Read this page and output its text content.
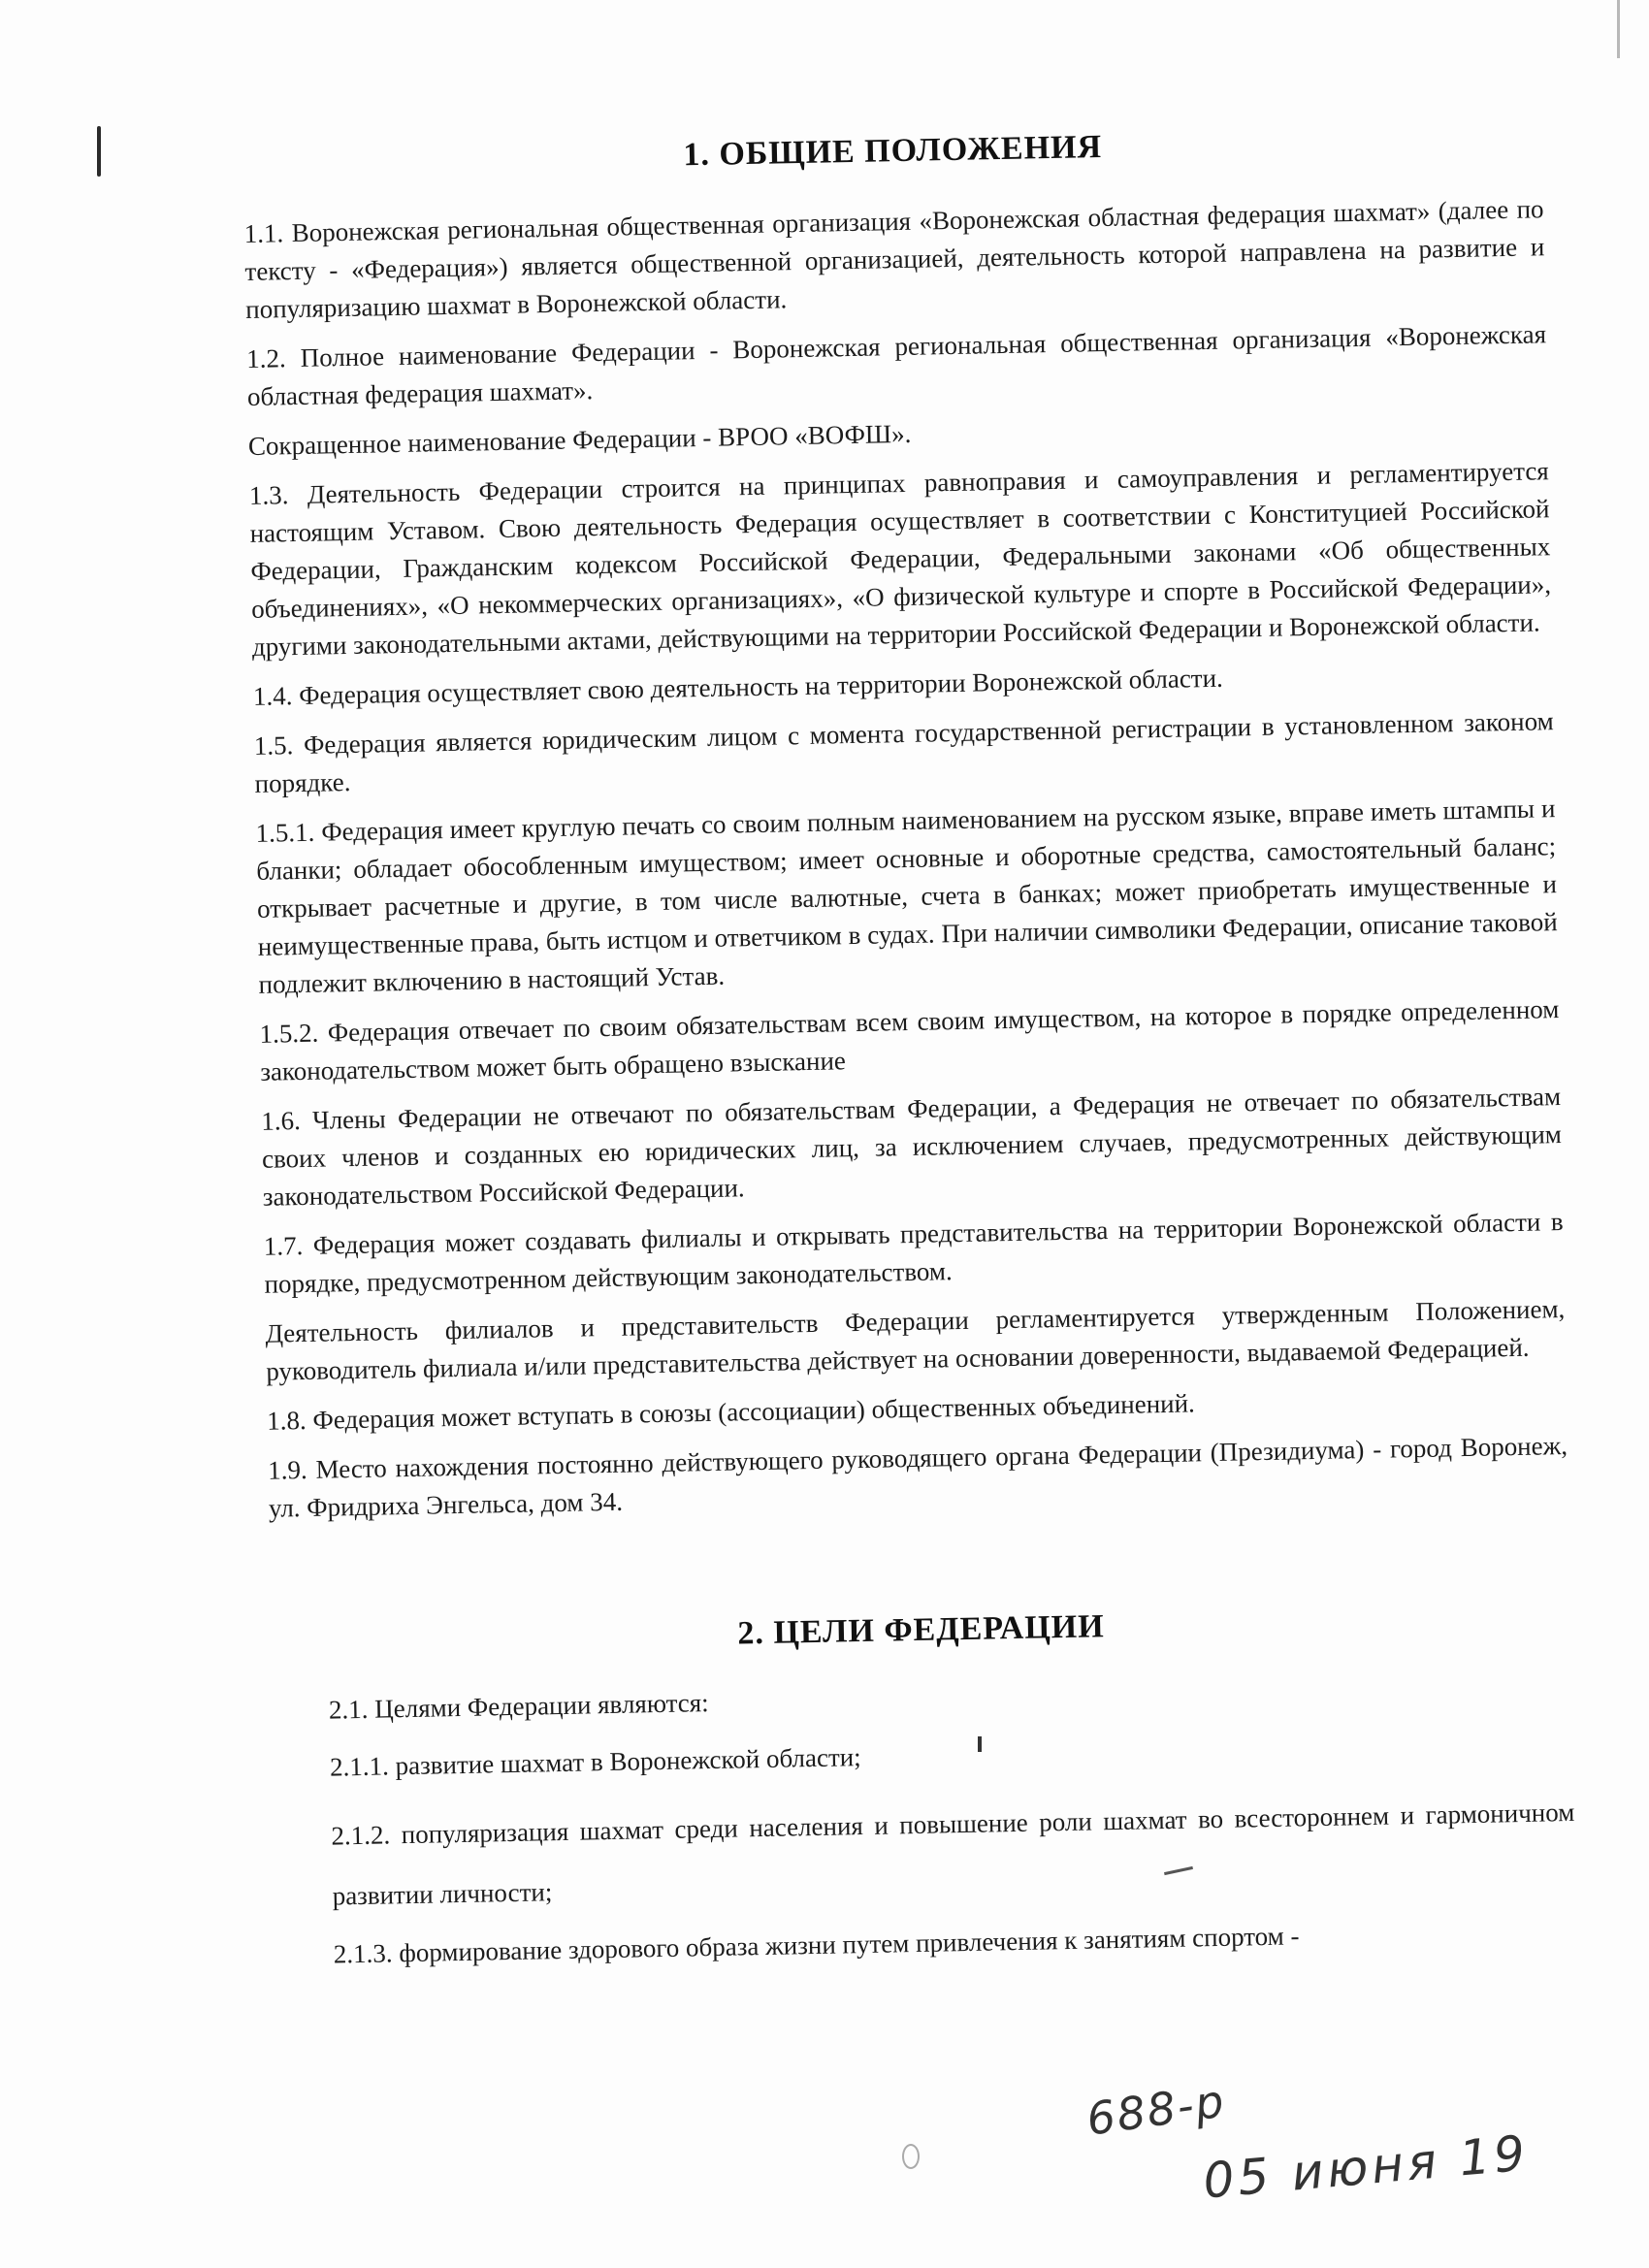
1. ОБЩИЕ ПОЛОЖЕНИЯ

1.1. Воронежская региональная общественная организация «Воронежская областная федерация шахмат» (далее по тексту - «Федерация») является общественной организацией, деятельность которой направлена на развитие и популяризацию шахмат в Воронежской области.

1.2. Полное наименование Федерации - Воронежская региональная общественная организация «Воронежская областная федерация шахмат».

Сокращенное наименование Федерации - ВРОО «ВОФШ».

1.3. Деятельность Федерации строится на принципах равноправия и самоуправления и регламентируется настоящим Уставом. Свою деятельность Федерация осуществляет в соответствии с Конституцией Российской Федерации, Гражданским кодексом Российской Федерации, Федеральными законами «Об общественных объединениях», «О некоммерческих организациях», «О физической культуре и спорте в Российской Федерации», другими законодательными актами, действующими на территории Российской Федерации и Воронежской области.

1.4. Федерация осуществляет свою деятельность на территории Воронежской области.

1.5. Федерация является юридическим лицом с момента государственной регистрации в установленном законом порядке.

1.5.1. Федерация имеет круглую печать со своим полным наименованием на русском языке, вправе иметь штампы и бланки; обладает обособленным имуществом; имеет основные и оборотные средства, самостоятельный баланс; открывает расчетные и другие, в том числе валютные, счета в банках; может приобретать имущественные и неимущественные права, быть истцом и ответчиком в судах. При наличии символики Федерации, описание таковой подлежит включению в настоящий Устав.

1.5.2. Федерация отвечает по своим обязательствам всем своим имуществом, на которое в порядке определенном законодательством может быть обращено взыскание

1.6. Члены Федерации не отвечают по обязательствам Федерации, а Федерация не отвечает по обязательствам своих членов и созданных ею юридических лиц, за исключением случаев, предусмотренных действующим законодательством Российской Федерации.

1.7. Федерация может создавать филиалы и открывать представительства на территории Воронежской области в порядке, предусмотренном действующим законодательством.

Деятельность филиалов и представительств Федерации регламентируется утвержденным Положением, руководитель филиала и/или представительства действует на основании доверенности, выдаваемой Федерацией.

1.8. Федерация может вступать в союзы (ассоциации) общественных объединений.

1.9. Место нахождения постоянно действующего руководящего органа Федерации (Президиума) - город Воронеж, ул. Фридриха Энгельса, дом 34.

2. ЦЕЛИ ФЕДЕРАЦИИ

2.1. Целями Федерации являются:

2.1.1. развитие шахмат в Воронежской области;

2.1.2. популяризация шахмат среди населения и повышение роли шахмат во всестороннем и гармоничном развитии личности;

2.1.3. формирование здорового образа жизни путем привлечения к занятиям спортом -

688-р
05 июня 19
